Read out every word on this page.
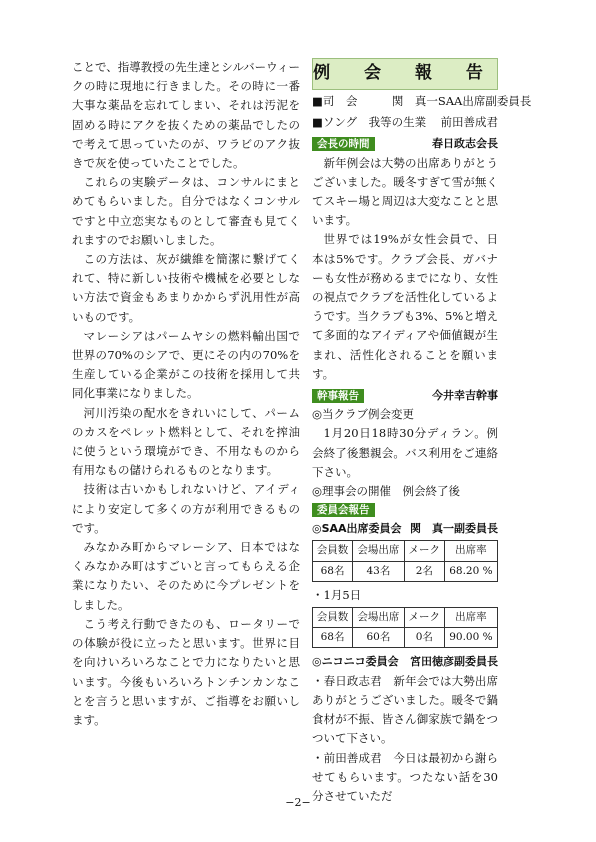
ことで、指導教授の先生達とシルバーウィークの時に現地に行きました。その時に一番大事な薬品を忘れてしまい、それは汚泥を固める時にアクを抜くための薬品でしたので考えて思っていたのが、ワラビのアク抜きで灰を使っていたことでした。

これらの実験データは、コンサルにまとめてもらいました。自分ではなくコンサルですと中立恋実なものとして審査も見てくれますのでお願いしました。

この方法は、灰が繊維を簡潔に繋げてくれて、特に新しい技術や機械を必要としない方法で資金もあまりかからず汎用性が高いものです。

マレーシアはパームヤシの燃料輸出国で世界の70%のシアで、更にその内の70%を生産している企業がこの技術を採用して共同化事業になりました。

河川汚染の配水をきれいにして、パームのカスをペレット燃料として、それを搾油に使うという環境ができ、不用なものから有用なもの儲けられるものとなります。

技術は古いかもしれないけど、アイディにより安定して多くの方が利用できるものです。

みなかみ町からマレーシア、日本ではなくみなかみ町はすごいと言ってもらえる企業になりたい、そのために今プレゼントをしました。

こう考え行動できたのも、ロータリーでの体験が役に立ったと思います。世界に目を向けいろいろなことで力になりたいと思います。今後もいろいろトンチンカンなことを言うと思いますが、ご指導をお願いします。

例 会 報 告
■司　会　　　関　真一SAA出席副委員長
■ソング　我等の生業 前田善成君
会長の時間	春日政志会長

新年例会は大勢の出席ありがとうございました。暖冬すぎて雪が無くてスキー場と周辺は大変なことと思います。

世界では19%が女性会員で、日本は5%です。クラブ会長、ガバナーも女性が務めるまでになり、女性の視点でクラブを活性化しているようです。当クラブも3%、5%と増えて多面的なアイディアや価値観が生まれ、活性化されることを願います。

幹事報告	今井幸吉幹事

◎当クラブ例会変更

1月20日18時30分ディラン。例会終了後懇親会。バス利用をご連絡下さい。

◎理事会の開催　例会終了後

委員会報告
◎SAA出席委員会 関　真一副委員長
会員数	会場出席	メーク	出席率
68名	43名	2名	68.20 %
・1月5日
会員数	会場出席	メーク	出席率
68名	60名	0名	90.00 %
◎ニコニコ委員会 宮田徳彦副委員長

・春日政志君　新年会では大勢出席ありがとうございました。暖冬で鍋食材が不振、皆さん御家族で鍋をつついて下さい。

・前田善成君　今日は最初から謝らせてもらいます。つたない話を30分させていただ

−2−
